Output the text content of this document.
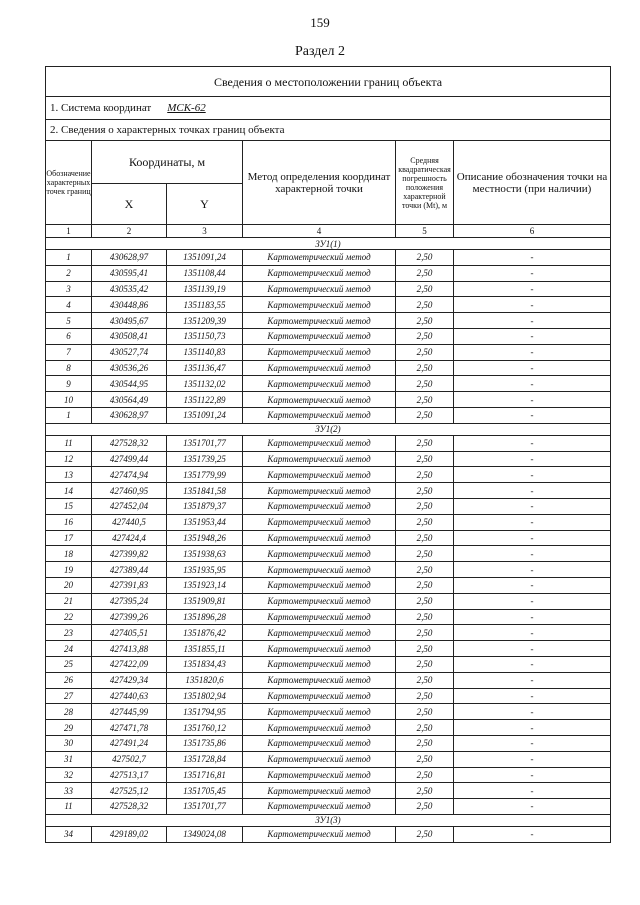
159
Раздел 2
Сведения о местоположении границ объекта					
1. Система координат МСК-62					
2. Сведения о характерных точках границ объекта					
Обозначение характерных точек границ	Координаты, м		Метод определения координат характерной точки	Средняя квадратическая погрешность положения характерной точки (Mt), м	Описание обозначения точки на местности (при наличии)
	X	Y			
1	2	3	4	5	6
ЗУ1(1)					
1	430628,97	1351091,24	Картометрический метод	2,50	-
2	430595,41	1351108,44	Картометрический метод	2,50	-
3	430535,42	1351139,19	Картометрический метод	2,50	-
4	430448,86	1351183,55	Картометрический метод	2,50	-
5	430495,67	1351209,39	Картометрический метод	2,50	-
6	430508,41	1351150,73	Картометрический метод	2,50	-
7	430527,74	1351140,83	Картометрический метод	2,50	-
8	430536,26	1351136,47	Картометрический метод	2,50	-
9	430544,95	1351132,02	Картометрический метод	2,50	-
10	430564,49	1351122,89	Картометрический метод	2,50	-
1	430628,97	1351091,24	Картометрический метод	2,50	-
ЗУ1(2)					
11	427528,32	1351701,77	Картометрический метод	2,50	-
12	427499,44	1351739,25	Картометрический метод	2,50	-
13	427474,94	1351779,99	Картометрический метод	2,50	-
14	427460,95	1351841,58	Картометрический метод	2,50	-
15	427452,04	1351879,37	Картометрический метод	2,50	-
16	427440,5	1351953,44	Картометрический метод	2,50	-
17	427424,4	1351948,26	Картометрический метод	2,50	-
18	427399,82	1351938,63	Картометрический метод	2,50	-
19	427389,44	1351935,95	Картометрический метод	2,50	-
20	427391,83	1351923,14	Картометрический метод	2,50	-
21	427395,24	1351909,81	Картометрический метод	2,50	-
22	427399,26	1351896,28	Картометрический метод	2,50	-
23	427405,51	1351876,42	Картометрический метод	2,50	-
24	427413,88	1351855,11	Картометрический метод	2,50	-
25	427422,09	1351834,43	Картометрический метод	2,50	-
26	427429,34	1351820,6	Картометрический метод	2,50	-
27	427440,63	1351802,94	Картометрический метод	2,50	-
28	427445,99	1351794,95	Картометрический метод	2,50	-
29	427471,78	1351760,12	Картометрический метод	2,50	-
30	427491,24	1351735,86	Картометрический метод	2,50	-
31	427502,7	1351728,84	Картометрический метод	2,50	-
32	427513,17	1351716,81	Картометрический метод	2,50	-
33	427525,12	1351705,45	Картометрический метод	2,50	-
11	427528,32	1351701,77	Картометрический метод	2,50	-
ЗУ1(3)					
34	429189,02	1349024,08	Картометрический метод	2,50	-
